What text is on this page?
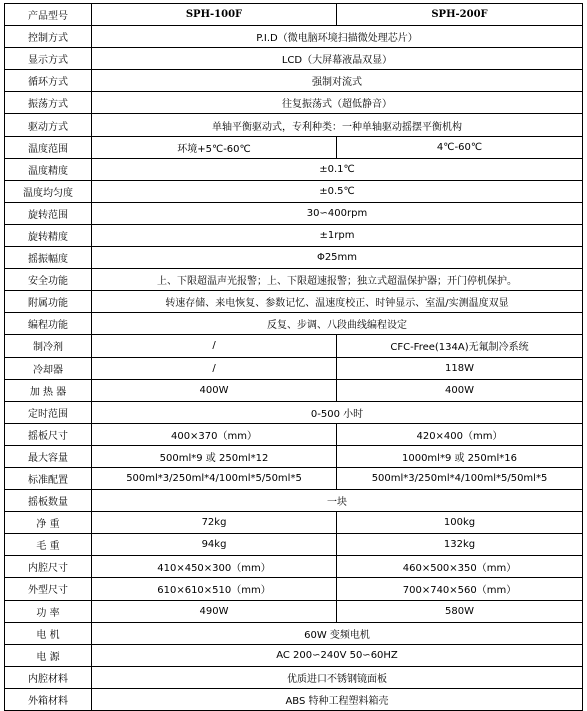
产品型号	SPH-100F	SPH-200F
控制方式	P.I.D（微电脑环境扫描微处理芯片）	
显示方式	LCD（大屏幕液晶双显）	
循环方式	强制对流式	
振荡方式	往复振荡式（超低静音）	
驱动方式	单轴平衡驱动式，专利种类：一种单轴驱动摇摆平衡机构	
温度范围	环境+5℃-60℃	4℃-60℃
温度精度	±0.1℃	
温度均匀度	±0.5℃	
旋转范围	30∽400rpm	
旋转精度	±1rpm	
摇振幅度	Φ25mm	
安全功能	上、下限超温声光报警；上、下限超速报警；独立式超温保护器；开门停机保护。	
附属功能	转速存储、来电恢复、参数记忆、温速度校正、时钟显示、室温/实测温度双显	
编程功能	反复、步调、八段曲线编程设定	
制冷剂	/	CFC-Free(134A)无氟制冷系统
冷却器	/	118W
加 热 器	400W	400W
定时范围	0-500 小时	
摇板尺寸	400×370（mm）	420×400（mm）
最大容量	500ml*9 或 250ml*12	1000ml*9 或 250ml*16
标准配置	500ml*3/250ml*4/100ml*5/50ml*5	500ml*3/250ml*4/100ml*5/50ml*5
摇板数量	一块	
净 重	72kg	100kg
毛 重	94kg	132kg
内腔尺寸	410×450×300（mm）	460×500×350（mm）
外型尺寸	610×610×510（mm）	700×740×560（mm）
功 率	490W	580W
电 机	60W 变频电机	
电 源	AC 200∽240V 50∽60HZ	
内腔材料	优质进口不锈钢镜面板	
外箱材料	ABS 特种工程塑料箱壳	
